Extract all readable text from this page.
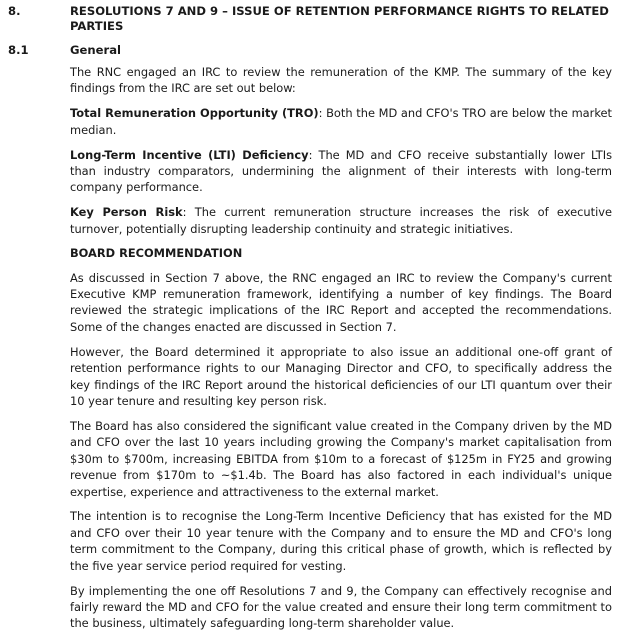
8.	RESOLUTIONS 7 AND 9 – ISSUE OF RETENTION PERFORMANCE RIGHTS TO RELATED PARTIES
8.1	General

The RNC engaged an IRC to review the remuneration of the KMP. The summary of the key findings from the IRC are set out below:

Total Remuneration Opportunity (TRO): Both the MD and CFO's TRO are below the market median.

Long-Term Incentive (LTI) Deficiency: The MD and CFO receive substantially lower LTIs than industry comparators, undermining the alignment of their interests with long-term company performance.

Key Person Risk: The current remuneration structure increases the risk of executive turnover, potentially disrupting leadership continuity and strategic initiatives.

BOARD RECOMMENDATION

As discussed in Section 7 above, the RNC engaged an IRC to review the Company's current Executive KMP remuneration framework, identifying a number of key findings. The Board reviewed the strategic implications of the IRC Report and accepted the recommendations. Some of the changes enacted are discussed in Section 7.

However, the Board determined it appropriate to also issue an additional one-off grant of retention performance rights to our Managing Director and CFO, to specifically address the key findings of the IRC Report around the historical deficiencies of our LTI quantum over their 10 year tenure and resulting key person risk.

The Board has also considered the significant value created in the Company driven by the MD and CFO over the last 10 years including growing the Company's market capitalisation from $30m to $700m, increasing EBITDA from $10m to a forecast of $125m in FY25 and growing revenue from $170m to ~$1.4b. The Board has also factored in each individual's unique expertise, experience and attractiveness to the external market.

The intention is to recognise the Long-Term Incentive Deficiency that has existed for the MD and CFO over their 10 year tenure with the Company and to ensure the MD and CFO's long term commitment to the Company, during this critical phase of growth, which is reflected by the five year service period required for vesting.

By implementing the one off Resolutions 7 and 9, the Company can effectively recognise and fairly reward the MD and CFO for the value created and ensure their long term commitment to the business, ultimately safeguarding long-term shareholder value.
